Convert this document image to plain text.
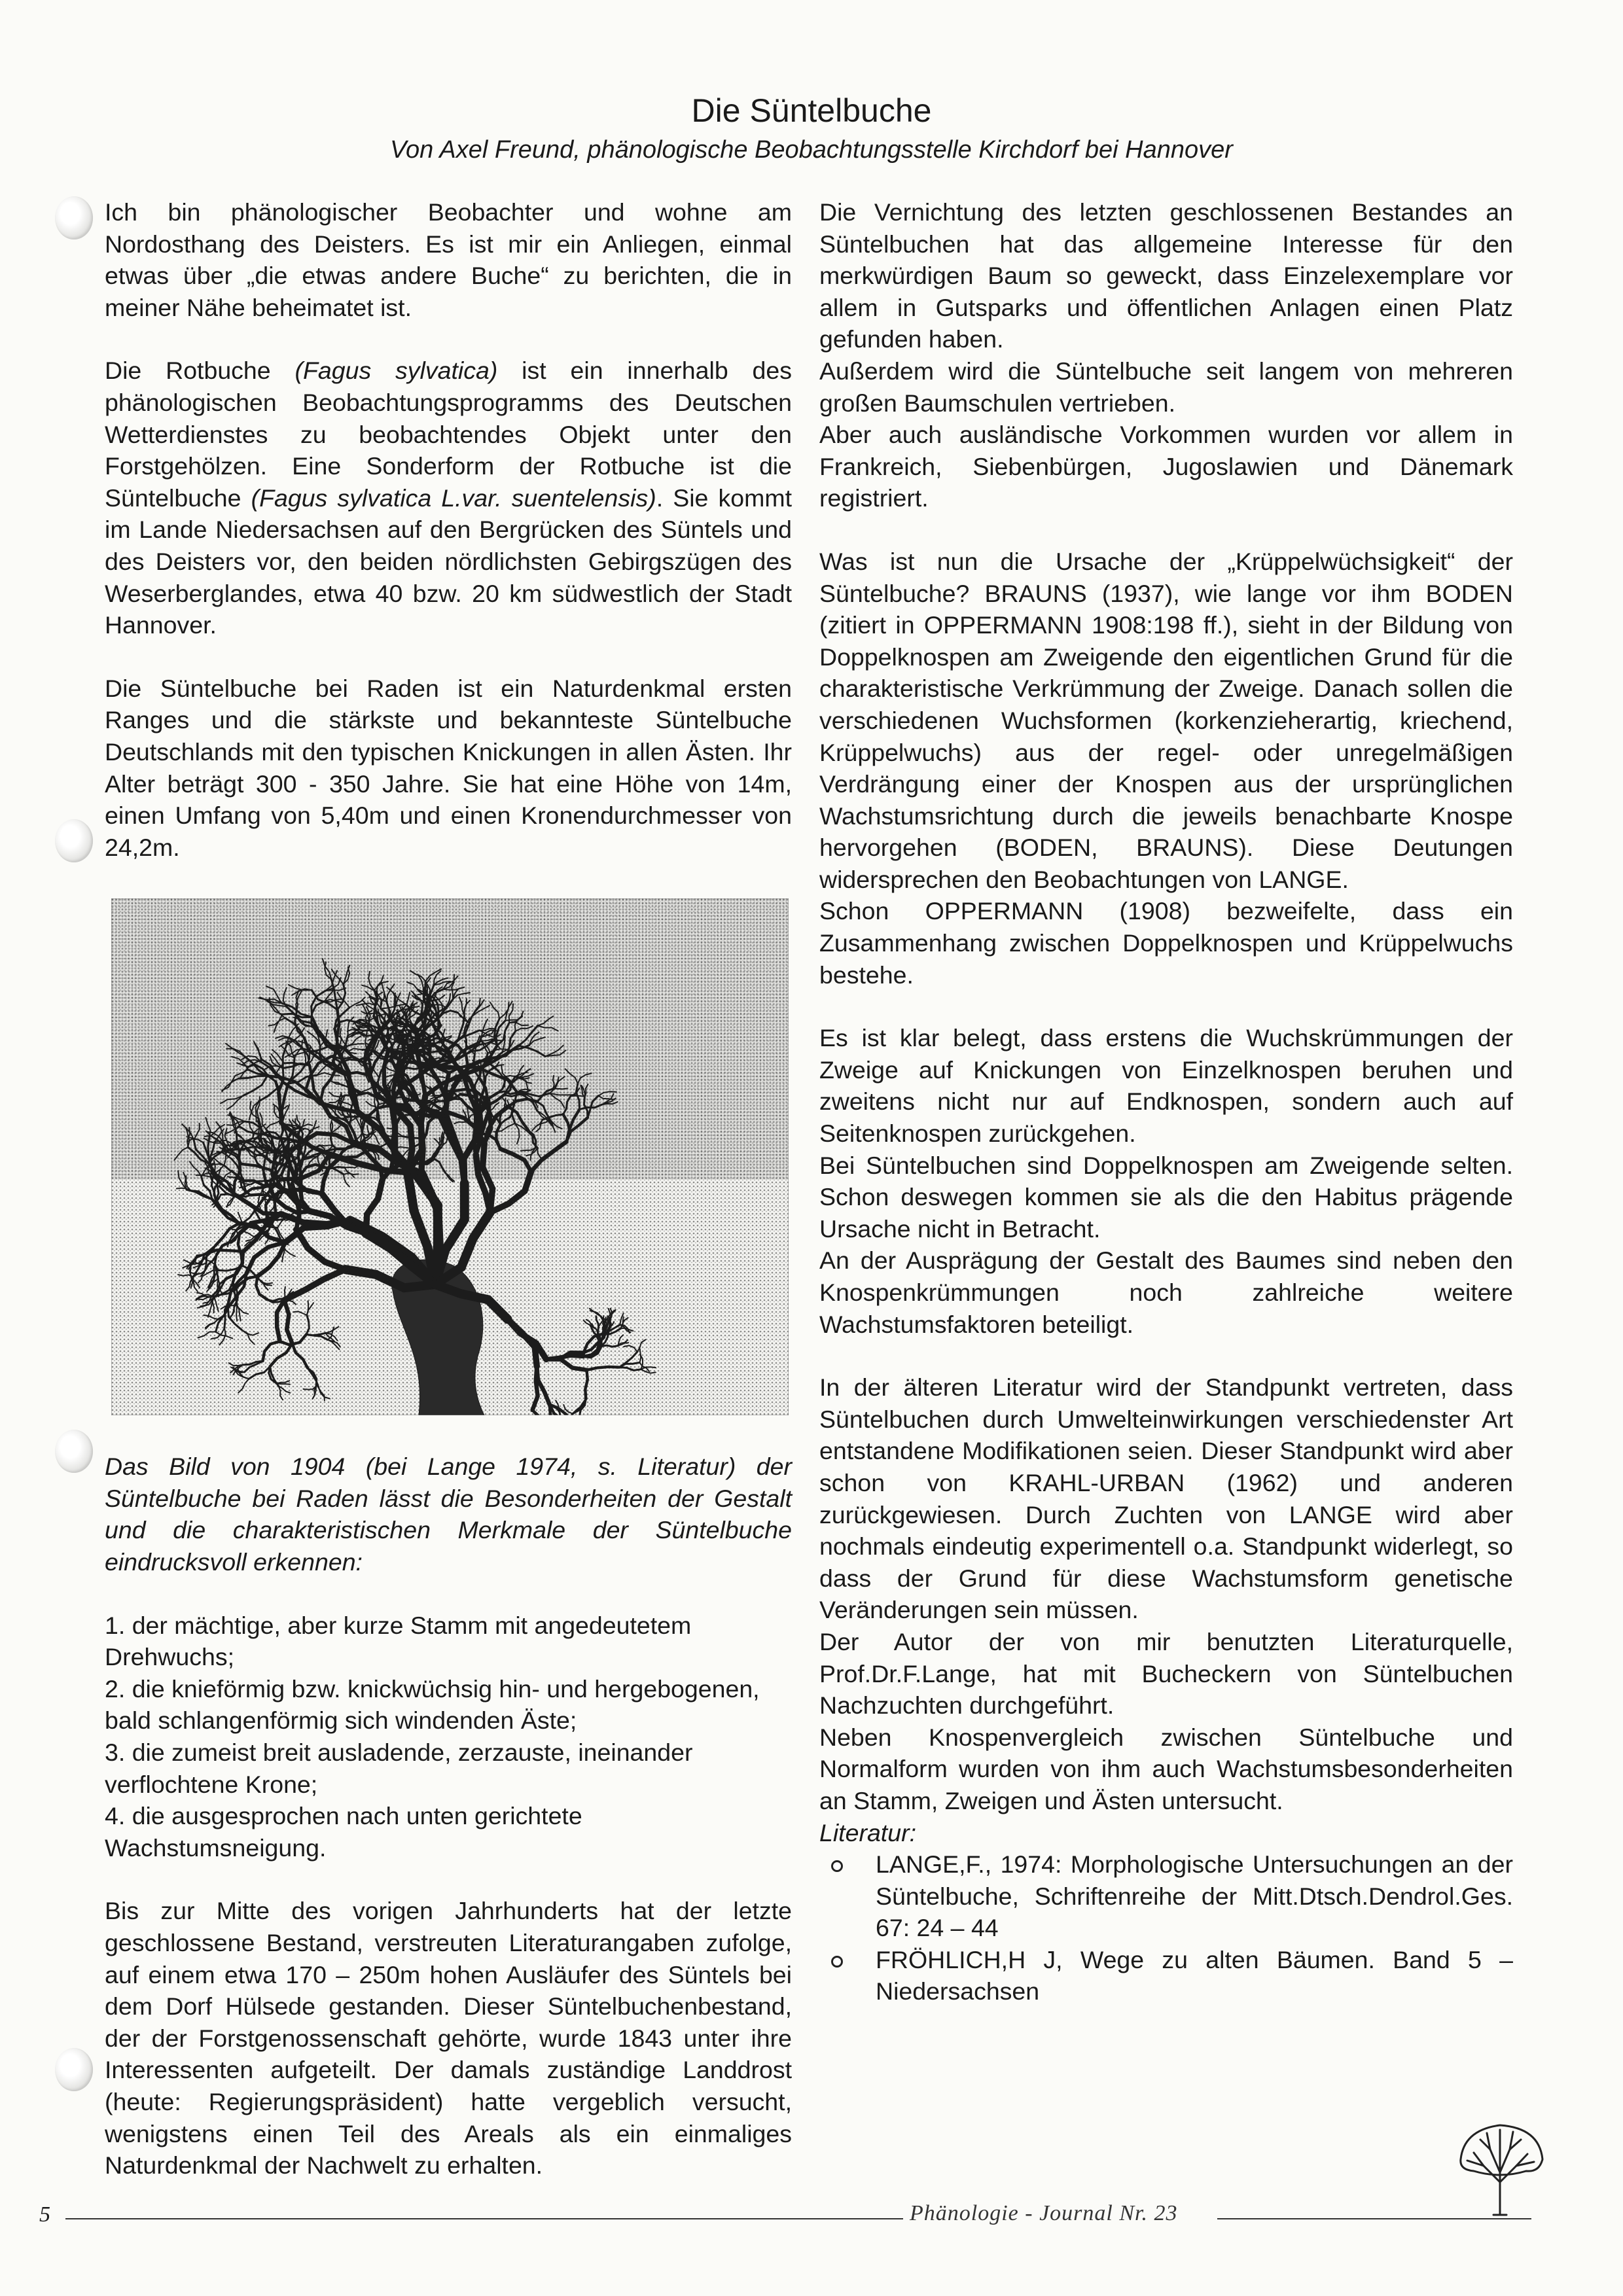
Die Süntelbuche
Von Axel Freund, phänologische Beobachtungsstelle Kirchdorf bei Hannover

Ich bin phänologischer Beobachter und wohne am Nordosthang des Deisters. Es ist mir ein Anliegen, einmal etwas über „die etwas andere Buche“ zu berichten, die in meiner Nähe beheimatet ist.

Die Rotbuche (Fagus sylvatica) ist ein innerhalb des phänologischen Beobachtungsprogramms des Deutschen Wetterdienstes zu beobachtendes Objekt unter den Forstgehölzen. Eine Sonderform der Rotbuche ist die Süntelbuche (Fagus sylvatica L.var. suentelensis). Sie kommt im Lande Niedersachsen auf den Bergrücken des Süntels und des Deisters vor, den beiden nördlichsten Gebirgszügen des Weserberglandes, etwa 40 bzw. 20 km südwestlich der Stadt Hannover.

Die Süntelbuche bei Raden ist ein Naturdenkmal ersten Ranges und die stärkste und bekannteste Süntelbuche Deutschlands mit den typischen Knickungen in allen Ästen. Ihr Alter beträgt 300 - 350 Jahre. Sie hat eine Höhe von 14m, einen Umfang von 5,40m und einen Kronendurchmesser von 24,2m.

Das Bild von 1904 (bei Lange 1974, s. Literatur) der Süntelbuche bei Raden lässt die Besonderheiten der Gestalt und die charakteristischen Merkmale der Süntelbuche eindrucksvoll erkennen:

1. der mächtige, aber kurze Stamm mit angedeutetem Drehwuchs;

2. die knieförmig bzw. knickwüchsig hin- und hergebogenen, bald schlangenförmig sich windenden Äste;

3. die zumeist breit ausladende, zerzauste, ineinander verflochtene Krone;

4. die ausgesprochen nach unten gerichtete Wachstumsneigung.

Bis zur Mitte des vorigen Jahrhunderts hat der letzte geschlossene Bestand, verstreuten Literaturangaben zufolge, auf einem etwa 170 – 250m hohen Ausläufer des Süntels bei dem Dorf Hülsede gestanden. Dieser Süntelbuchenbestand, der der Forstgenossenschaft gehörte, wurde 1843 unter ihre Interessenten aufgeteilt. Der damals zuständige Landdrost (heute: Regierungspräsident) hatte vergeblich versucht, wenigstens einen Teil des Areals als ein einmaliges Naturdenkmal der Nachwelt zu erhalten.

Die Vernichtung des letzten geschlossenen Bestandes an Süntelbuchen hat das allgemeine Interesse für den merkwürdigen Baum so geweckt, dass Einzelexemplare vor allem in Gutsparks und öffentlichen Anlagen einen Platz gefunden haben.

Außerdem wird die Süntelbuche seit langem von mehreren großen Baumschulen vertrieben.

Aber auch ausländische Vorkommen wurden vor allem in Frankreich, Siebenbürgen, Jugoslawien und Dänemark registriert.

Was ist nun die Ursache der „Krüppelwüchsigkeit“ der Süntelbuche? BRAUNS (1937), wie lange vor ihm BODEN (zitiert in OPPERMANN 1908:198 ff.), sieht in der Bildung von Doppelknospen am Zweigende den eigentlichen Grund für die charakteristische Verkrümmung der Zweige. Danach sollen die verschiedenen Wuchsformen (korkenzieherartig, kriechend, Krüppelwuchs) aus der regel- oder unregelmäßigen Verdrängung einer der Knospen aus der ursprünglichen Wachstumsrichtung durch die jeweils benachbarte Knospe hervorgehen (BODEN, BRAUNS). Diese Deutungen widersprechen den Beobachtungen von LANGE.

Schon OPPERMANN (1908) bezweifelte, dass ein Zusammenhang zwischen Doppelknospen und Krüppelwuchs bestehe.

Es ist klar belegt, dass erstens die Wuchskrümmungen der Zweige auf Knickungen von Einzelknospen beruhen und zweitens nicht nur auf Endknospen, sondern auch auf Seitenknospen zurückgehen.

Bei Süntelbuchen sind Doppelknospen am Zweigende selten. Schon deswegen kommen sie als die den Habitus prägende Ursache nicht in Betracht.

An der Ausprägung der Gestalt des Baumes sind neben den Knospenkrümmungen noch zahlreiche weitere Wachstumsfaktoren beteiligt.

In der älteren Literatur wird der Standpunkt vertreten, dass Süntelbuchen durch Umwelteinwirkungen verschiedenster Art entstandene Modifikationen seien. Dieser Standpunkt wird aber schon von KRAHL-URBAN (1962) und anderen zurückgewiesen. Durch Zuchten von LANGE wird aber nochmals eindeutig experimentell o.a. Standpunkt widerlegt, so dass der Grund für diese Wachstumsform genetische Veränderungen sein müssen.

Der Autor der von mir benutzten Literaturquelle, Prof.Dr.F.Lange, hat mit Bucheckern von Süntelbuchen Nachzuchten durchgeführt.

Neben Knospenvergleich zwischen Süntelbuche und Normalform wurden von ihm auch Wachstumsbesonderheiten an Stamm, Zweigen und Ästen untersucht.

Literatur:

LANGE,F., 1974: Morphologische Untersuchungen an der Süntelbuche, Schriftenreihe der Mitt.Dtsch.Dendrol.Ges. 67: 24 – 44
FRÖHLICH,H J, Wege zu alten Bäumen. Band 5 – Niedersachsen
5	Phänologie - Journal Nr. 23
